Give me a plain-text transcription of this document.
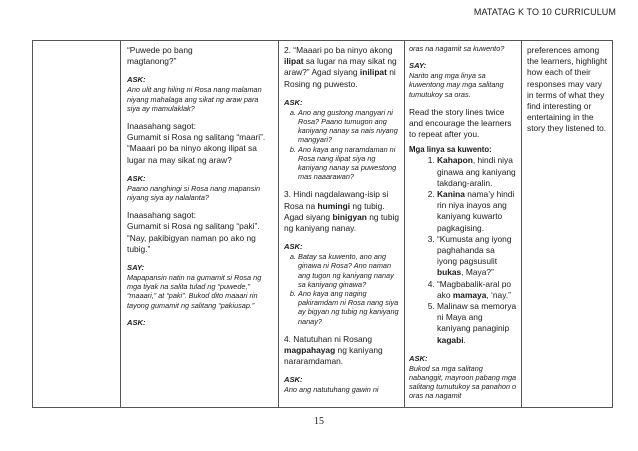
MATATAG K TO 10 CURRICULUM

“Puwede po bang

magtanong?”

ASK:

Ano ulit ang hiling ni Rosa nang malaman niyang mahalaga ang sikat ng araw para siya ay mamulaklak?

Inaasahang sagot:

Gumamit si Rosa ng salitang “maari”.

“Maaari po ba ninyo akong ilipat sa lugar na may sikat ng araw?

ASK:

Paano nanghingi si Rosa nang mapansin niyang siya ay nalalanta?

Inaasahang sagot:

Gumamit si Rosa ng salitang “paki”.

“Nay, pakibigyan naman po ako ng tubig.”

SAY:

Mapapansin natin na gumamit si Rosa ng mga tiyak na salita tulad ng “puwede,” “maaari,” at “paki”. Bukod dito maaari rin tayong gumamit ng salitang “pakiusap.”

ASK:

2. “Maaari po ba ninyo akong ilipat sa lugar na may sikat ng araw?” Agad siyang inilipat ni Rosing ng puwesto.

ASK:

a. Ano ang gustong mangyari ni Rosa? Paano tumugon ang kaniyang nanay sa nais niyang mangyari?
b. Ano kaya ang naramdaman ni Rosa nang ilipat siya ng kaniyang nanay sa puwestong mas naaarawan?

3. Hindi nagdalawang-isip si Rosa na humingi ng tubig. Agad siyang binigyan ng tubig ng kaniyang nanay.

ASK:

a. Batay sa kuwento, ano ang ginawa ni Rosa? Ano naman ang tugon ng kaniyang nanay sa kaniyang ginawa?
b. Ano kaya ang naging pakiramdam ni Rosa nang siya ay bigyan ng tubig ng kaniyang nanay?

4. Natutuhan ni Rosang magpahayag ng kaniyang nararamdaman.

ASK:

Ano ang natutuhang gawin ni

oras na nagamit sa kuwento?

SAY:

Narito ang mga linya sa kuwentong may mga salitang tumutukoy sa oras.

Read the story lines twice and encourage the learners to repeat after you.

Mga linya sa kuwento:

1. Kahapon, hindi niya ginawa ang kaniyang takdang-aralin.
2. Kanina nama’y hindi rin niya inayos ang kaniyang kuwarto pagkagising.
3. “Kumusta ang iyong paghahanda sa iyong pagsusulit bukas, Maya?”
4. “Magbabalik-aral po ako mamaya, ‘nay.”
5. Malinaw sa memorya ni Maya ang kaniyang panaginip kagabi.

ASK:

Bukod sa mga salitang nabanggit, mayroon pabang mga salitang tumutukoy sa panahon o oras na nagamit

preferences among the learners, highlight how each of their responses may vary in terms of what they find interesting or entertaining in the story they listened to.

15
